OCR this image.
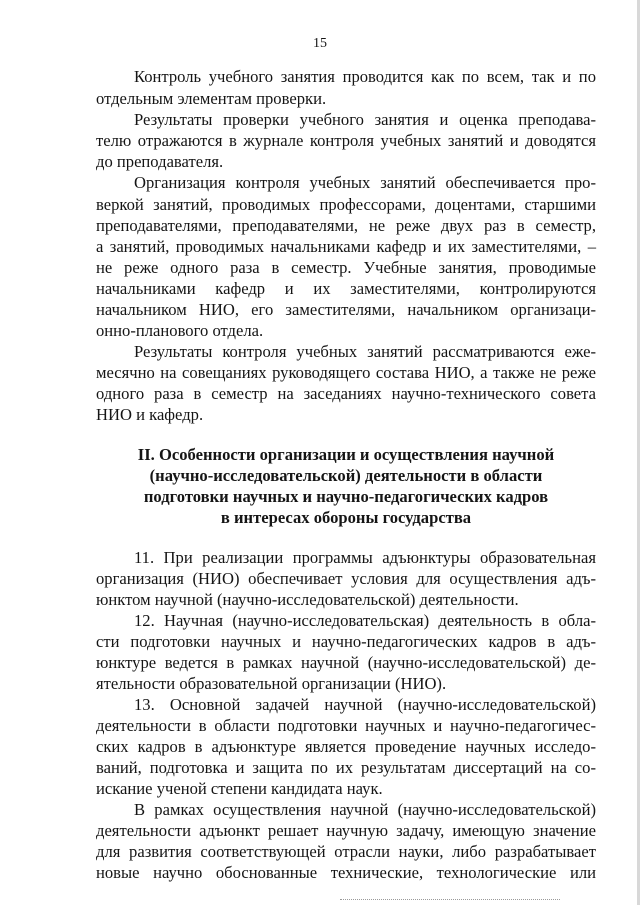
15
Контроль учебного занятия проводится как по всем, так и по
отдельным элементам проверки.
Результаты проверки учебного занятия и оценка преподава-
телю отражаются в журнале контроля учебных занятий и доводятся
до преподавателя.
Организация контроля учебных занятий обеспечивается про-
веркой занятий, проводимых профессорами, доцентами, старшими
преподавателями, преподавателями, не реже двух раз в семестр,
а занятий, проводимых начальниками кафедр и их заместителями, –
не реже одного раза в семестр. Учебные занятия, проводимые
начальниками кафедр и их заместителями, контролируются
начальником НИО, его заместителями, начальником организаци-
онно-планового отдела.
Результаты контроля учебных занятий рассматриваются еже-
месячно на совещаниях руководящего состава НИО, а также не реже
одного раза в семестр на заседаниях научно-технического совета
НИО и кафедр.
II. Особенности организации и осуществления научной
(научно-исследовательской) деятельности в области
подготовки научных и научно-педагогических кадров
в интересах обороны государства
11. При реализации программы адъюнктуры образовательная
организация (НИО) обеспечивает условия для осуществления адъ-
юнктом научной (научно-исследовательской) деятельности.
12. Научная (научно-исследовательская) деятельность в обла-
сти подготовки научных и научно-педагогических кадров в адъ-
юнктуре ведется в рамках научной (научно-исследовательской) де-
ятельности образовательной организации (НИО).
13. Основной задачей научной (научно-исследовательской)
деятельности в области подготовки научных и научно-педагогичес-
ских кадров в адъюнктуре является проведение научных исследо-
ваний, подготовка и защита по их результатам диссертаций на со-
искание ученой степени кандидата наук.
В рамках осуществления научной (научно-исследовательской)
деятельности адъюнкт решает научную задачу, имеющую значение
для развития соответствующей отрасли науки, либо разрабатывает
новые научно обоснованные технические, технологические или
